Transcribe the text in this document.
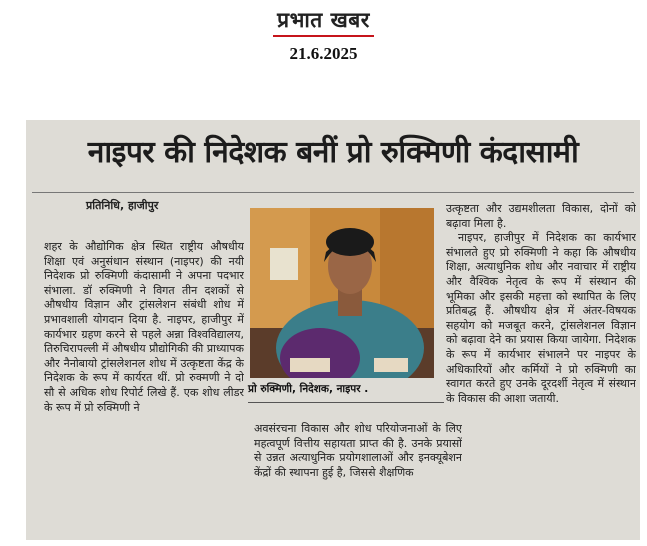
प्रभात खबर
21.6.2025
नाइपर की निदेशक बनीं प्रो रुक्मिणी कंदासामी
प्रतिनिधि, हाजीपुर

शहर के औद्योगिक क्षेत्र स्थित राष्ट्रीय औषधीय शिक्षा एवं अनुसंधान संस्थान (नाइपर) की नयी निदेशक प्रो रुक्मिणी कंदासामी ने अपना पदभार संभाला. डॉ रुक्मिणी ने विगत तीन दशकों से औषधीय विज्ञान और ट्रांसलेशन संबंधी शोध में प्रभावशाली योगदान दिया है. नाइपर, हाजीपुर में कार्यभार ग्रहण करने से पहले अन्ना विश्वविद्यालय, तिरुचिरापल्ली में औषधीय प्रौद्योगिकी की प्राध्यापक और नैनोबायो ट्रांसलेशनल शोध में उत्कृष्टता केंद्र के निदेशक के रूप में कार्यरत थीं. प्रो रुक्मणी ने दो सौ से अधिक शोध रिपोर्ट लिखे हैं. एक शोध लीडर के रूप में प्रो रुक्मिणी ने

प्रो रुक्मिणी, निदेशक, नाइपर .

अवसंरचना विकास और शोध परियोजनाओं के लिए महत्वपूर्ण वित्तीय सहायता प्राप्त की है. उनके प्रयासों से उन्नत अत्याधुनिक प्रयोगशालाओं और इनक्यूबेशन केंद्रों की स्थापना हुई है, जिससे शैक्षणिक

उत्कृष्टता और उद्यमशीलता विकास, दोनों को बढ़ावा मिला है.

नाइपर, हाजीपुर में निदेशक का कार्यभार संभालते हुए प्रो रुक्मिणी ने कहा कि औषधीय शिक्षा, अत्याधुनिक शोध और नवाचार में राष्ट्रीय और वैश्विक नेतृत्व के रूप में संस्थान की भूमिका और इसकी महत्ता को स्थापित के लिए प्रतिबद्ध हैं. औषधीय क्षेत्र में अंतर-विषयक सहयोग को मजबूत करने, ट्रांसलेशनल विज्ञान को बढ़ावा देने का प्रयास किया जायेगा. निदेशक के रूप में कार्यभार संभालने पर नाइपर के अधिकारियों और कर्मियों ने प्रो रुक्मिणी का स्वागत करते हुए उनके दूरदर्शी नेतृत्व में संस्थान के विकास की आशा जतायी.
